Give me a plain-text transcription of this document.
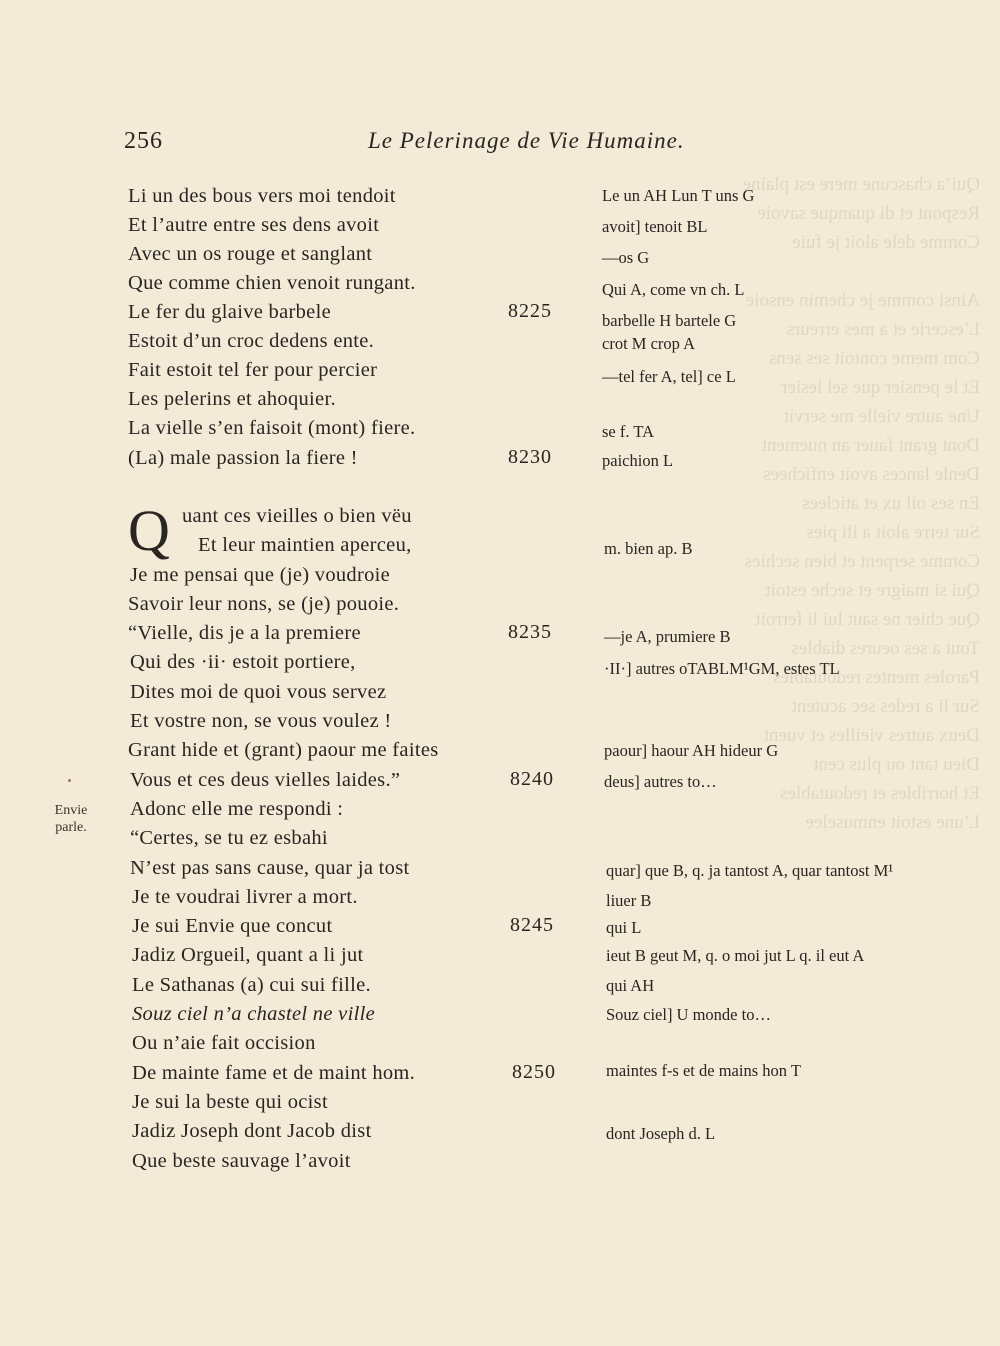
Qui’a chascune mere est plaine
Respont et di quanque savoie
Comme dele aloit je fuie

Ainsi comme je chemin ensoie
L’escerie et a mes erreurs
Com meme contoit ses sens
Et le pensier que sel lesier
Une autre vielle me servit
Dont grant fauer an nuement
Denle lances avoit enfichees
En ses oil ux et aticlees
Sur terre aloit a ili pies
Comme serpent et bien sechies
Qui si maigre et seche estoit
Que chier ne saut lui li ferroit
Tout a ses oeures diables
Paroles mentes redoutables
Sur li a redes sec acutent
Deux autres vieilles et vuent
Dieu tant ou plus cent
Et horribles et redoutables
L’une estoit enmuselee
256	Le Pelerinage de Vie Humaine.
Li un des bous vers moi tendoit
Et l’autre entre ses dens avoit
Avec un os rouge et sanglant
Que comme chien venoit rungant.
Le fer du glaive barbele
Estoit d’un croc dedens ente.
Fait estoit tel fer pour percier
Les pelerins et ahoquier.
La vielle s’en faisoit (mont) fiere.
(La) male passion la fiere !
Q uant ces vieilles o bien vëu
Et leur maintien aperceu,
Je me pensai que (je) voudroie
Savoir leur nons, se (je) pouoie.
“Vielle, dis je a la premiere
Qui des ·ii· estoit portiere,
Dites moi de quoi vous servez
Et vostre non, se vous voulez !
Grant hide et (grant) paour me faites
Vous et ces deus vielles laides.”
Adonc elle me respondi :
“Certes, se tu ez esbahi
N’est pas sans cause, quar ja tost
Je te voudrai livrer a mort.
Je sui Envie que concut
Jadiz Orgueil, quant a li jut
Le Sathanas (a) cui sui fille.
Souz ciel n’a chastel ne ville
Ou n’aie fait occision
De mainte fame et de maint hom.
Je sui la beste qui ocist
Jadiz Joseph dont Jacob dist
Que beste sauvage l’avoit
8225
8230
8235
8240
8245
8250
Envie
parle.
Le un AH Lun T uns G
avoit] tenoit BL
—os G
Qui A, come vn ch. L
barbelle H bartele G
crot M crop A
—tel fer A, tel] ce L
se f. TA
paichion L
m. bien ap. B
—je A, prumiere B
·II·] autres oTABLM¹GM, estes TL
paour] haour AH hideur G
deus] autres to…
quar] que B, q. ja tantost A, quar tantost M¹
liuer B
qui L
ieut B geut M, q. o moi jut L q. il eut A
qui AH
Souz ciel] U monde to…
maintes f-s et de mains hon T
dont Joseph d. L
